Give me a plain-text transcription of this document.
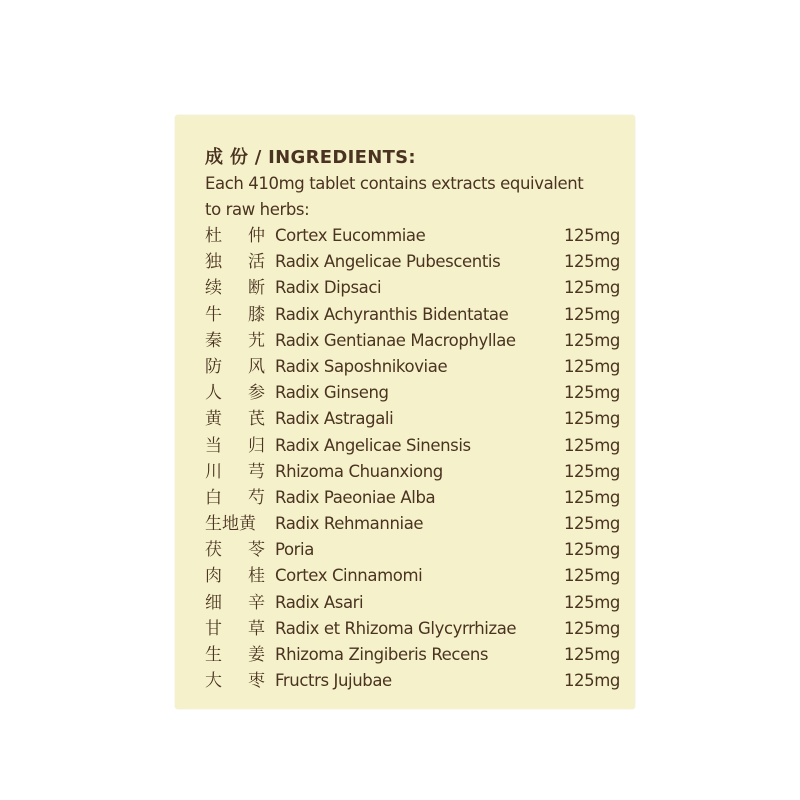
成 份 / INGREDIENTS:
Each 410mg tablet contains extracts equivalent
to raw herbs:
杜 仲 Cortex Eucommiae	125mg
独 活 Radix Angelicae Pubescentis	125mg
续 断 Radix Dipsaci	125mg
牛 膝 Radix Achyranthis Bidentatae	125mg
秦 艽 Radix Gentianae Macrophyllae	125mg
防 风 Radix Saposhnikoviae	125mg
人 参 Radix Ginseng	125mg
黄 芪 Radix Astragali	125mg
当 归 Radix Angelicae Sinensis	125mg
川 芎 Rhizoma Chuanxiong	125mg
白 芍 Radix Paeoniae Alba	125mg
生地黄	Radix Rehmanniae	125mg
茯 苓 Poria	125mg
肉 桂 Cortex Cinnamomi	125mg
细 辛 Radix Asari	125mg
甘 草 Radix et Rhizoma Glycyrrhizae	125mg
生 姜 Rhizoma Zingiberis Recens	125mg
大 枣 Fructrs Jujubae	125mg
